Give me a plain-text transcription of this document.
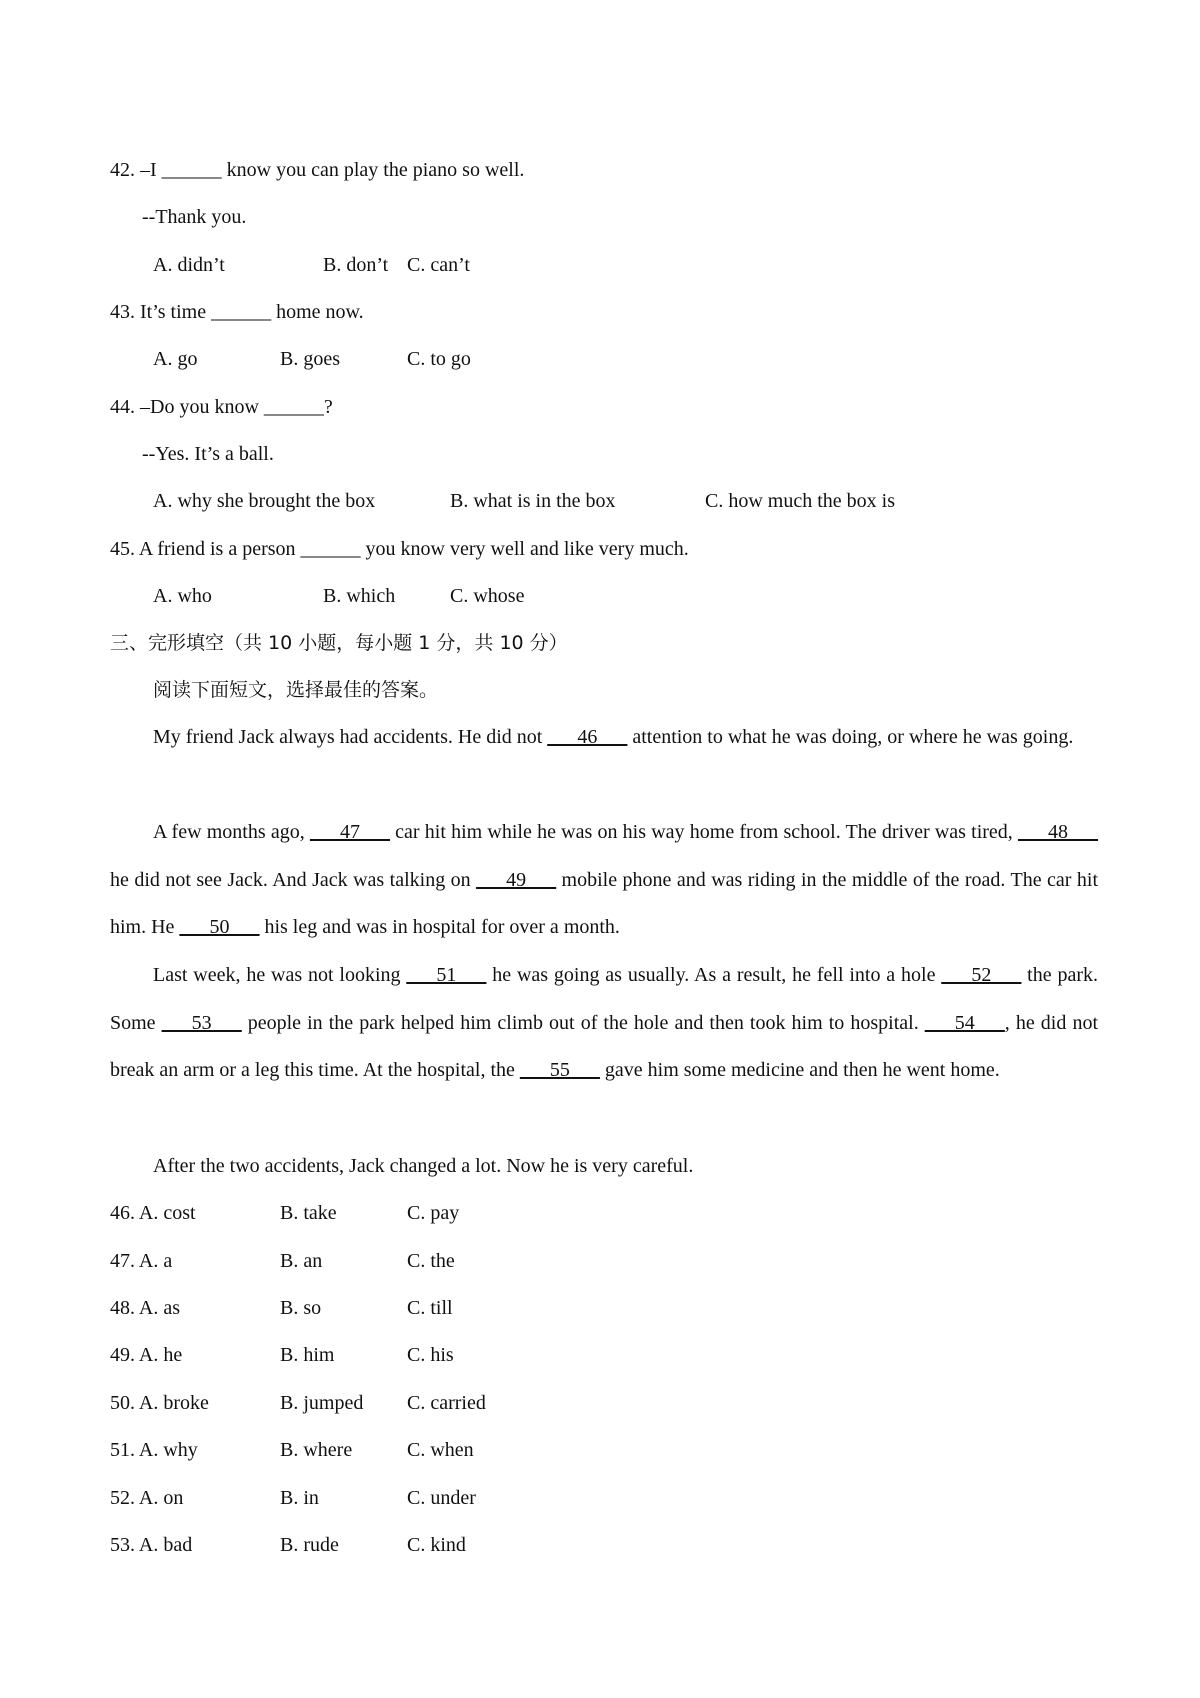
42. –I ______ know you can play the piano so well.
--Thank you.
A. didn’t	B. don’t C. can’t
43. It’s time ______ home now.
A. go	B. goes	C. to go
44. –Do you know ______?
--Yes. It’s a ball.
A. why she brought the box	B. what is in the box	C. how much the box is
45. A friend is a person ______ you know very well and like very much.
A. who	B. which	C. whose
三、完形填空（共 10 小题，每小题 1 分，共 10 分）
阅读下面短文，选择最佳的答案。
My friend Jack always had accidents. He did not ___46___ attention to what he was doing, or where he was going.
A few months ago, ___47___ car hit him while he was on his way home from school. The driver was tired, ___48___ he did not see Jack. And Jack was talking on ___49___ mobile phone and was riding in the middle of the road. The car hit him. He ___50___ his leg and was in hospital for over a month.
Last week, he was not looking ___51___ he was going as usually. As a result, he fell into a hole ___52___ the park. Some ___53___ people in the park helped him climb out of the hole and then took him to hospital. ___54___, he did not break an arm or a leg this time. At the hospital, the ___55___ gave him some medicine and then he went home.
After the two accidents, Jack changed a lot. Now he is very careful.
46. A. cost	B. take	C. pay
47. A. a	B. an	C. the
48. A. as	B. so	C. till
49. A. he	B. him	C. his
50. A. broke	B. jumped C. carried
51. A. why	B. where	C. when
52. A. on	B. in	C. under
53. A. bad	B. rude	C. kind
